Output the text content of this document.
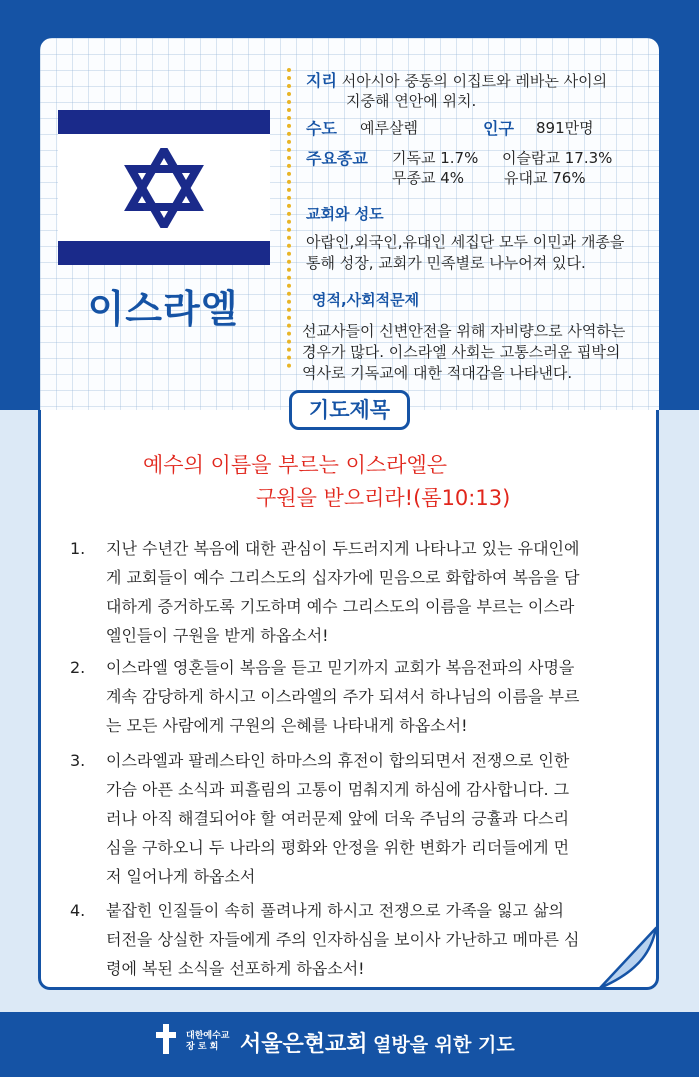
이스라엘
지리 서아시아 중동의 이집트와 레바논 사이의
지중해 연안에 위치.
수도 예루살렘	인구 891만명
주요종교 기독교 1.7% 이슬람교 17.3%
무종교 4%	유대교 76%
교회와 성도
아랍인,외국인,유대인 세집단 모두 이민과 개종을
통해 성장, 교회가 민족별로 나누어져 있다.
영적,사회적문제
선교사들이 신변안전을 위해 자비량으로 사역하는
경우가 많다. 이스라엘 사회는 고통스러운 핍박의
역사로 기독교에 대한 적대감을 나타낸다.
기도제목
예수의 이름을 부르는 이스라엘은
구원을 받으리라!(롬10:13)
1. 지난 수년간 복음에 대한 관심이 두드러지게 나타나고 있는 유대인에
게 교회들이 예수 그리스도의 십자가에 믿음으로 화합하여 복음을 담
대하게 증거하도록 기도하며 예수 그리스도의 이름을 부르는 이스라
엘인들이 구원을 받게 하옵소서!
2. 이스라엘 영혼들이 복음을 듣고 믿기까지 교회가 복음전파의 사명을
계속 감당하게 하시고 이스라엘의 주가 되셔서 하나님의 이름을 부르
는 모든 사람에게 구원의 은혜를 나타내게 하옵소서!
3. 이스라엘과 팔레스타인 하마스의 휴전이 합의되면서 전쟁으로 인한
가슴 아픈 소식과 피흘림의 고통이 멈춰지게 하심에 감사합니다. 그
러나 아직 해결되어야 할 여러문제 앞에 더욱 주님의 긍휼과 다스리
심을 구하오니 두 나라의 평화와 안정을 위한 변화가 리더들에게 먼
저 일어나게 하옵소서
4. 붙잡힌 인질들이 속히 풀려나게 하시고 전쟁으로 가족을 잃고 삶의
터전을 상실한 자들에게 주의 인자하심을 보이사 가난하고 메마른 심
령에 복된 소식을 선포하게 하옵소서!
대한예수교
장 로 회 서울은현교회 열방을 위한 기도
